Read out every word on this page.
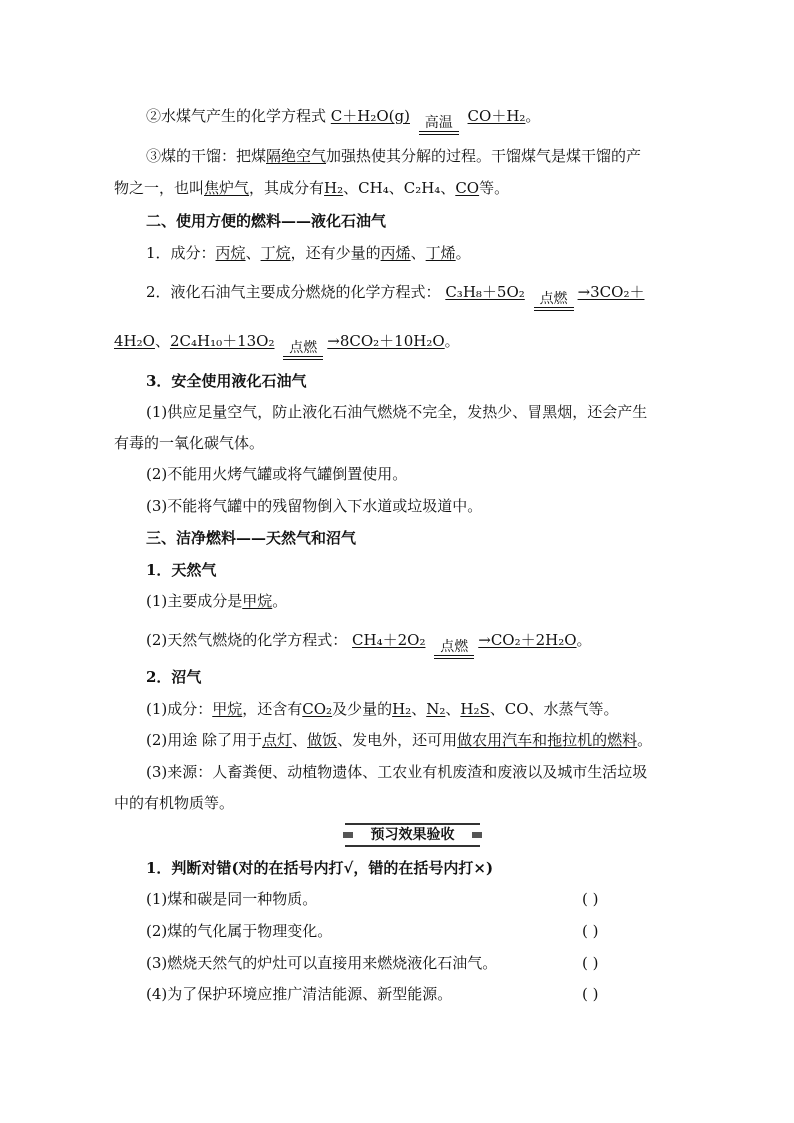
②水煤气产生的化学方程式 C＋H₂O(g)	高温 CO＋H₂。
③煤的干馏：把煤隔绝空气加强热使其分解的过程。干馏煤气是煤干馏的产
物之一，也叫焦炉气，其成分有H₂、CH₄、C₂H₄、CO等。
二、使用方便的燃料——液化石油气
1．成分：丙烷、丁烷，还有少量的丙烯、丁烯。
2．液化石油气主要成分燃烧的化学方程式： C₃H₈＋5O₂	点燃 →3CO₂＋
4H₂O、2C₄H₁₀＋13O₂	点燃 →8CO₂＋10H₂O。
3．安全使用液化石油气
(1)供应足量空气，防止液化石油气燃烧不完全，发热少、冒黑烟，还会产生
有毒的一氧化碳气体。
(2)不能用火烤气罐或将气罐倒置使用。
(3)不能将气罐中的残留物倒入下水道或垃圾道中。
三、洁净燃料——天然气和沼气
1．天然气
(1)主要成分是甲烷。
(2)天然气燃烧的化学方程式： CH₄＋2O₂	点燃 →CO₂＋2H₂O。
2．沼气
(1)成分：甲烷，还含有CO₂及少量的H₂、N₂、H₂S、CO、水蒸气等。
(2)用途 除了用于点灯、做饭、发电外，还可用做农用汽车和拖拉机的燃料。
(3)来源：人畜粪便、动植物遗体、工农业有机废渣和废液以及城市生活垃圾
中的有机物质等。
预习效果验收
1．判断对错(对的在括号内打√，错的在括号内打×)
(1)煤和碳是同一种物质。	( )
(2)煤的气化属于物理变化。	( )
(3)燃烧天然气的炉灶可以直接用来燃烧液化石油气。	( )
(4)为了保护环境应推广清洁能源、新型能源。	( )
